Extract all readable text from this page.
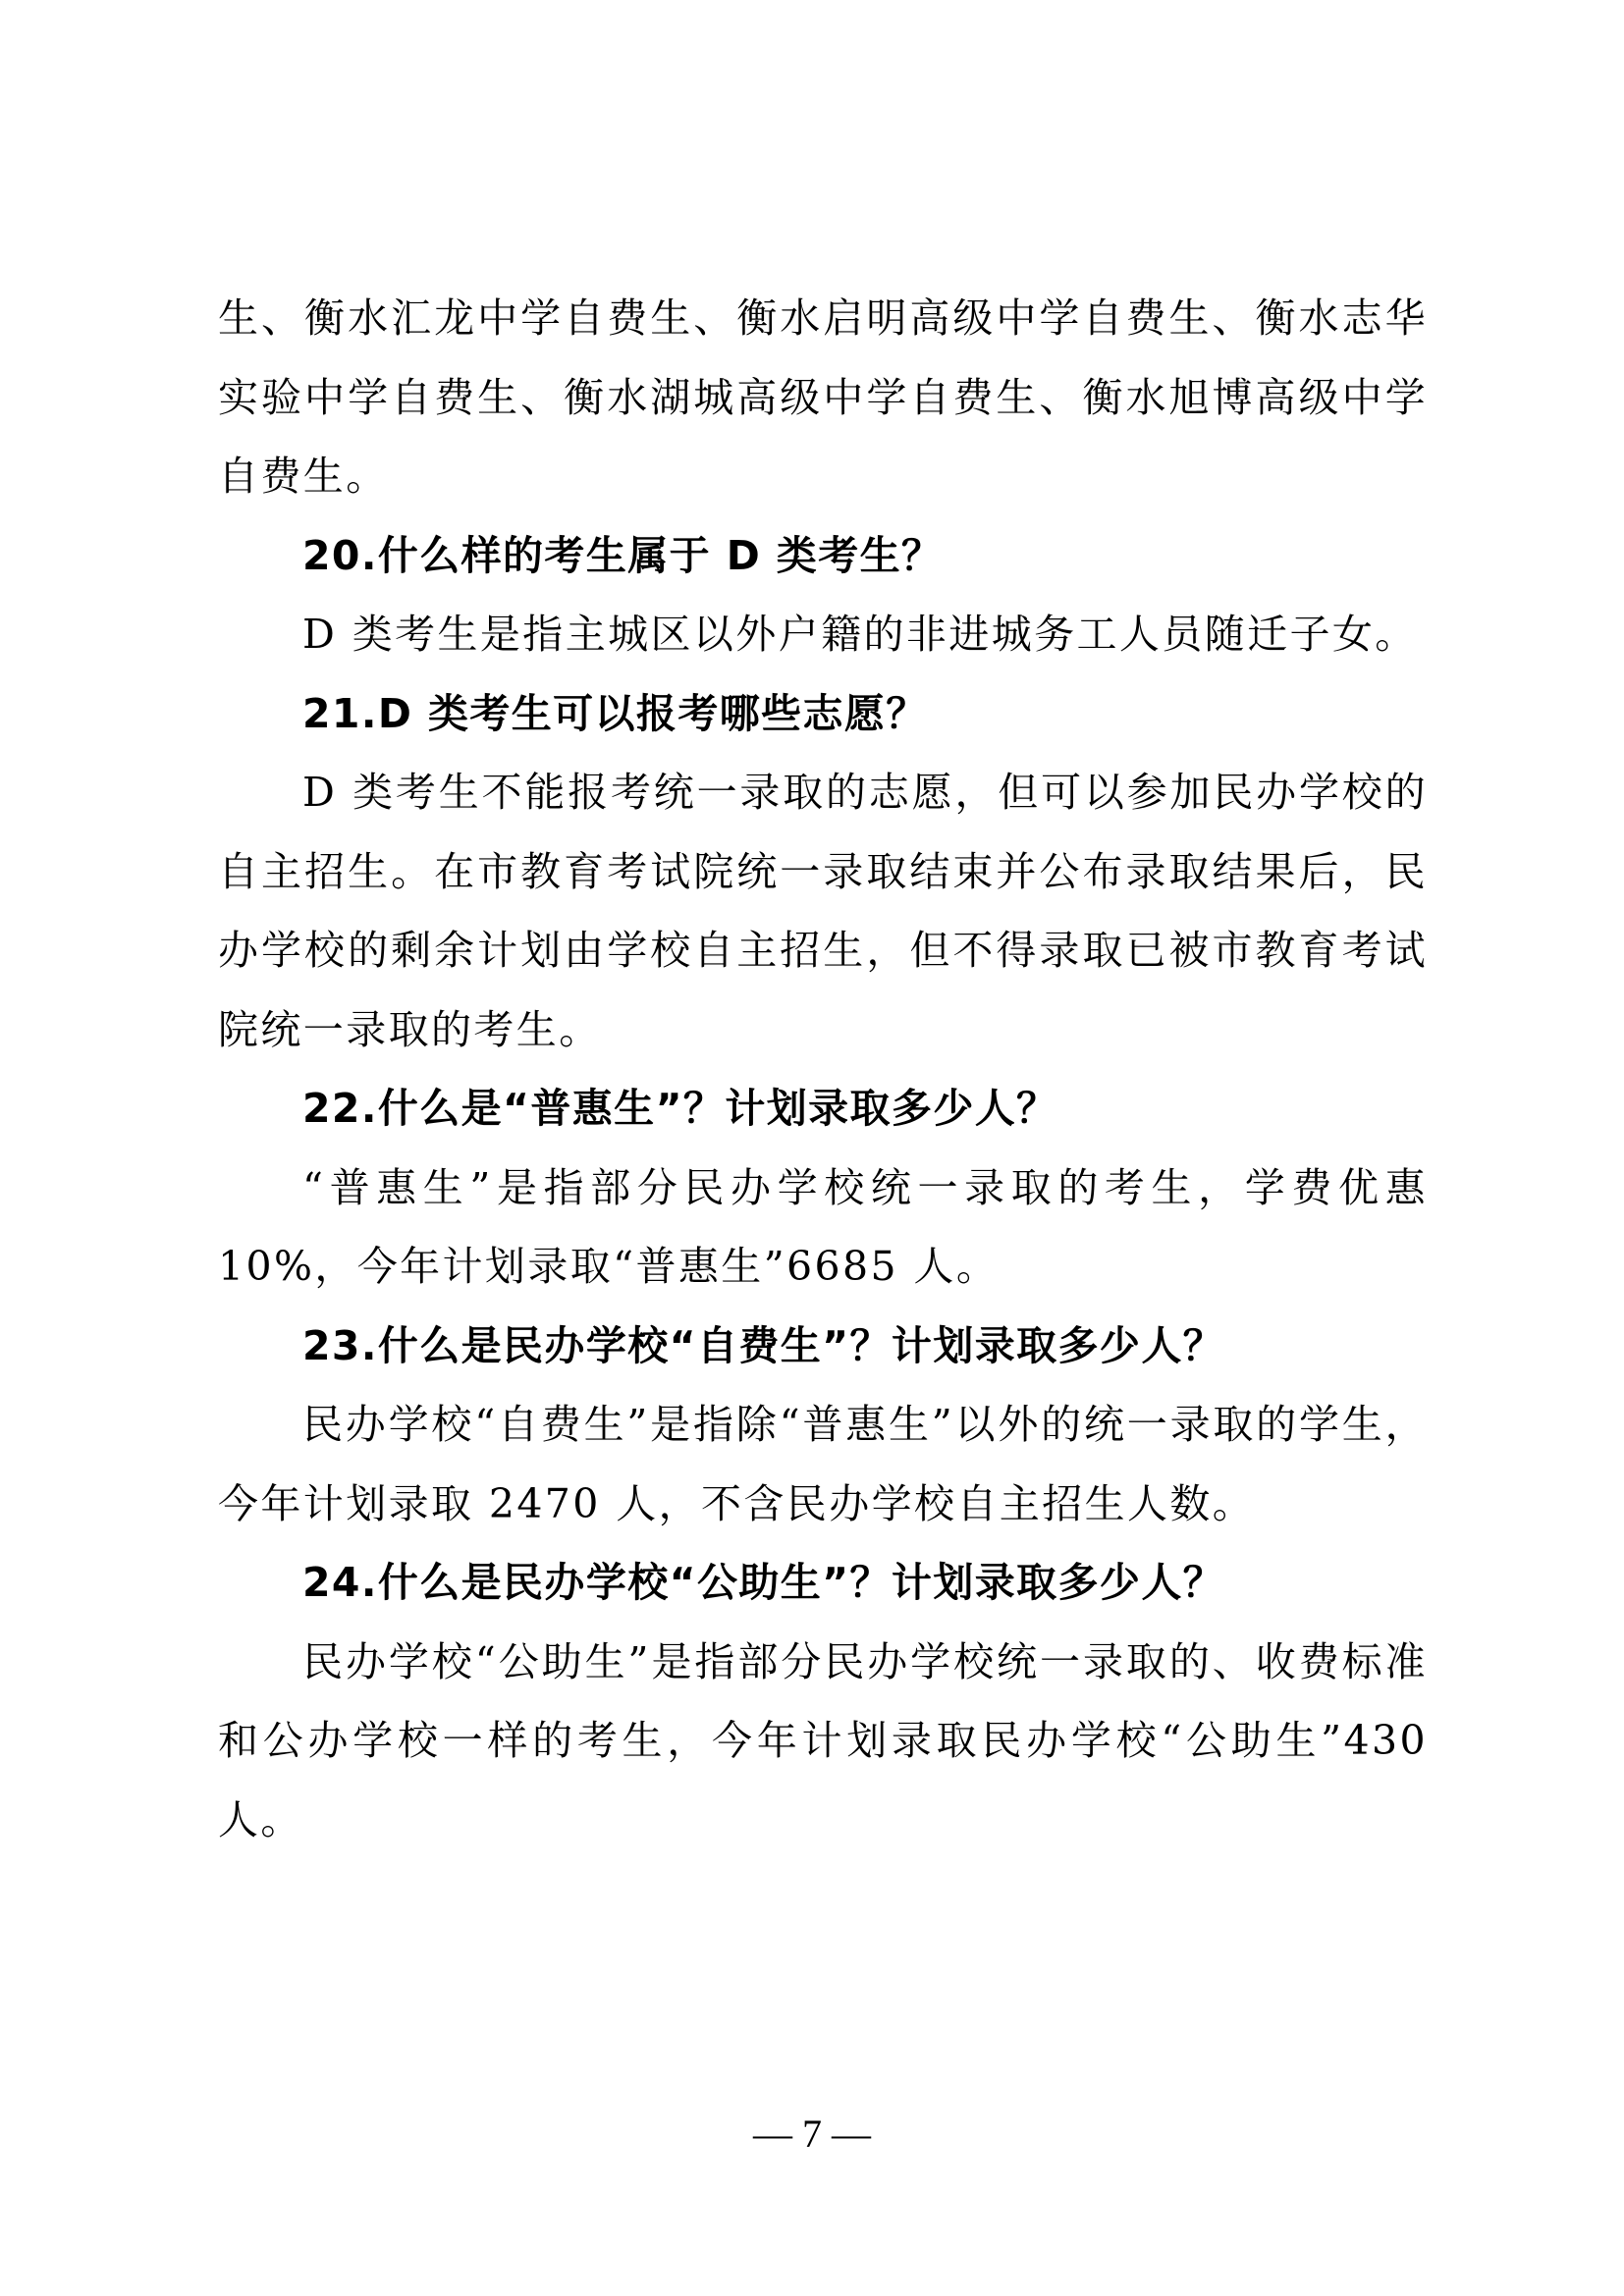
生、衡水汇龙中学自费生、衡水启明高级中学自费生、衡水志华实验中学自费生、衡水湖城高级中学自费生、衡水旭博高级中学自费生。

20.什么样的考生属于 D 类考生？

D 类考生是指主城区以外户籍的非进城务工人员随迁子女。

21.D 类考生可以报考哪些志愿？

D 类考生不能报考统一录取的志愿，但可以参加民办学校的自主招生。在市教育考试院统一录取结束并公布录取结果后，民办学校的剩余计划由学校自主招生，但不得录取已被市教育考试院统一录取的考生。

22.什么是“普惠生”？计划录取多少人？

“普惠生”是指部分民办学校统一录取的考生，学费优惠 10%，今年计划录取“普惠生”6685 人。

23.什么是民办学校“自费生”？计划录取多少人？

民办学校“自费生”是指除“普惠生”以外的统一录取的学生，今年计划录取 2470 人，不含民办学校自主招生人数。

24.什么是民办学校“公助生”？计划录取多少人？

民办学校“公助生”是指部分民办学校统一录取的、收费标准和公办学校一样的考生，今年计划录取民办学校“公助生”430 人。

— 7 —
